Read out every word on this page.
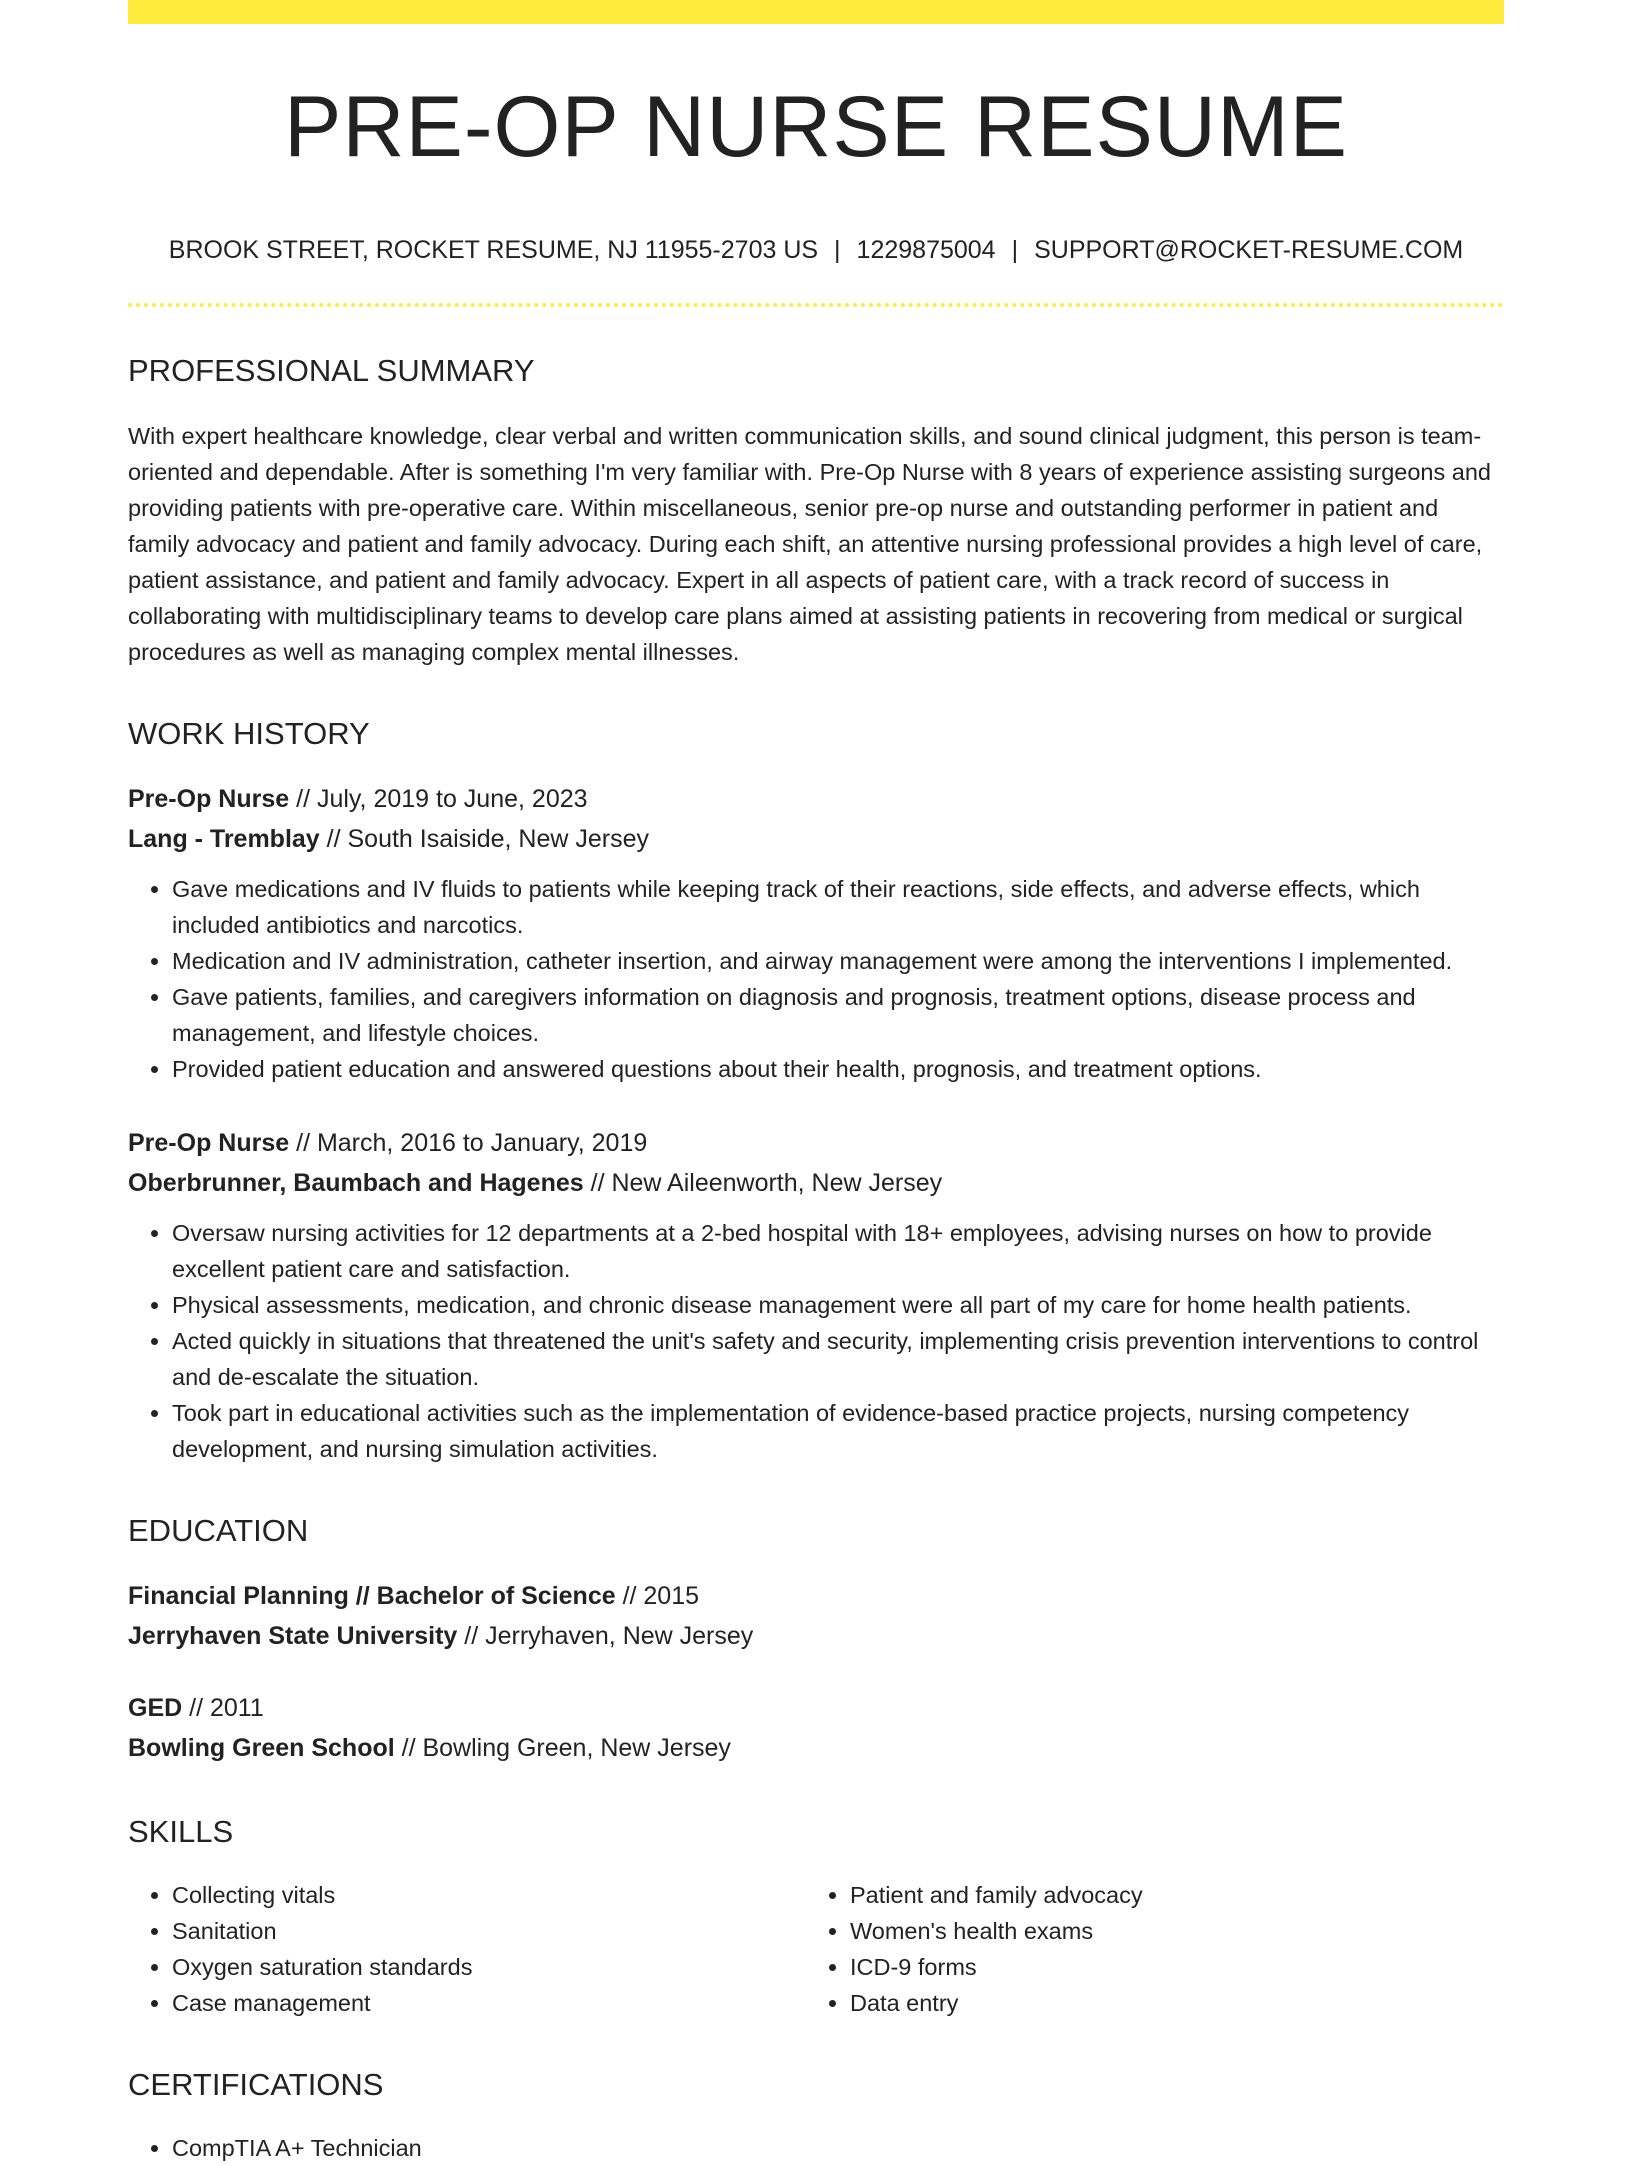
PRE-OP NURSE RESUME
BROOK STREET, ROCKET RESUME, NJ 11955-2703 US | 1229875004 | SUPPORT@ROCKET-RESUME.COM
PROFESSIONAL SUMMARY
With expert healthcare knowledge, clear verbal and written communication skills, and sound clinical judgment, this person is team-oriented and dependable. After is something I'm very familiar with. Pre-Op Nurse with 8 years of experience assisting surgeons and providing patients with pre-operative care. Within miscellaneous, senior pre-op nurse and outstanding performer in patient and family advocacy and patient and family advocacy. During each shift, an attentive nursing professional provides a high level of care, patient assistance, and patient and family advocacy. Expert in all aspects of patient care, with a track record of success in collaborating with multidisciplinary teams to develop care plans aimed at assisting patients in recovering from medical or surgical procedures as well as managing complex mental illnesses.
WORK HISTORY
Pre-Op Nurse // July, 2019 to June, 2023
Lang - Tremblay // South Isaiside, New Jersey
• Gave medications and IV fluids to patients while keeping track of their reactions, side effects, and adverse effects, which included antibiotics and narcotics.
• Medication and IV administration, catheter insertion, and airway management were among the interventions I implemented.
• Gave patients, families, and caregivers information on diagnosis and prognosis, treatment options, disease process and management, and lifestyle choices.
• Provided patient education and answered questions about their health, prognosis, and treatment options.
Pre-Op Nurse // March, 2016 to January, 2019
Oberbrunner, Baumbach and Hagenes // New Aileenworth, New Jersey
• Oversaw nursing activities for 12 departments at a 2-bed hospital with 18+ employees, advising nurses on how to provide excellent patient care and satisfaction.
• Physical assessments, medication, and chronic disease management were all part of my care for home health patients.
• Acted quickly in situations that threatened the unit's safety and security, implementing crisis prevention interventions to control and de-escalate the situation.
• Took part in educational activities such as the implementation of evidence-based practice projects, nursing competency development, and nursing simulation activities.
EDUCATION
Financial Planning // Bachelor of Science // 2015
Jerryhaven State University // Jerryhaven, New Jersey
GED // 2011
Bowling Green School // Bowling Green, New Jersey
SKILLS
• Collecting vitals
• Sanitation
• Oxygen saturation standards
• Case management
• Patient and family advocacy
• Women's health exams
• ICD-9 forms
• Data entry
CERTIFICATIONS
• CompTIA A+ Technician
